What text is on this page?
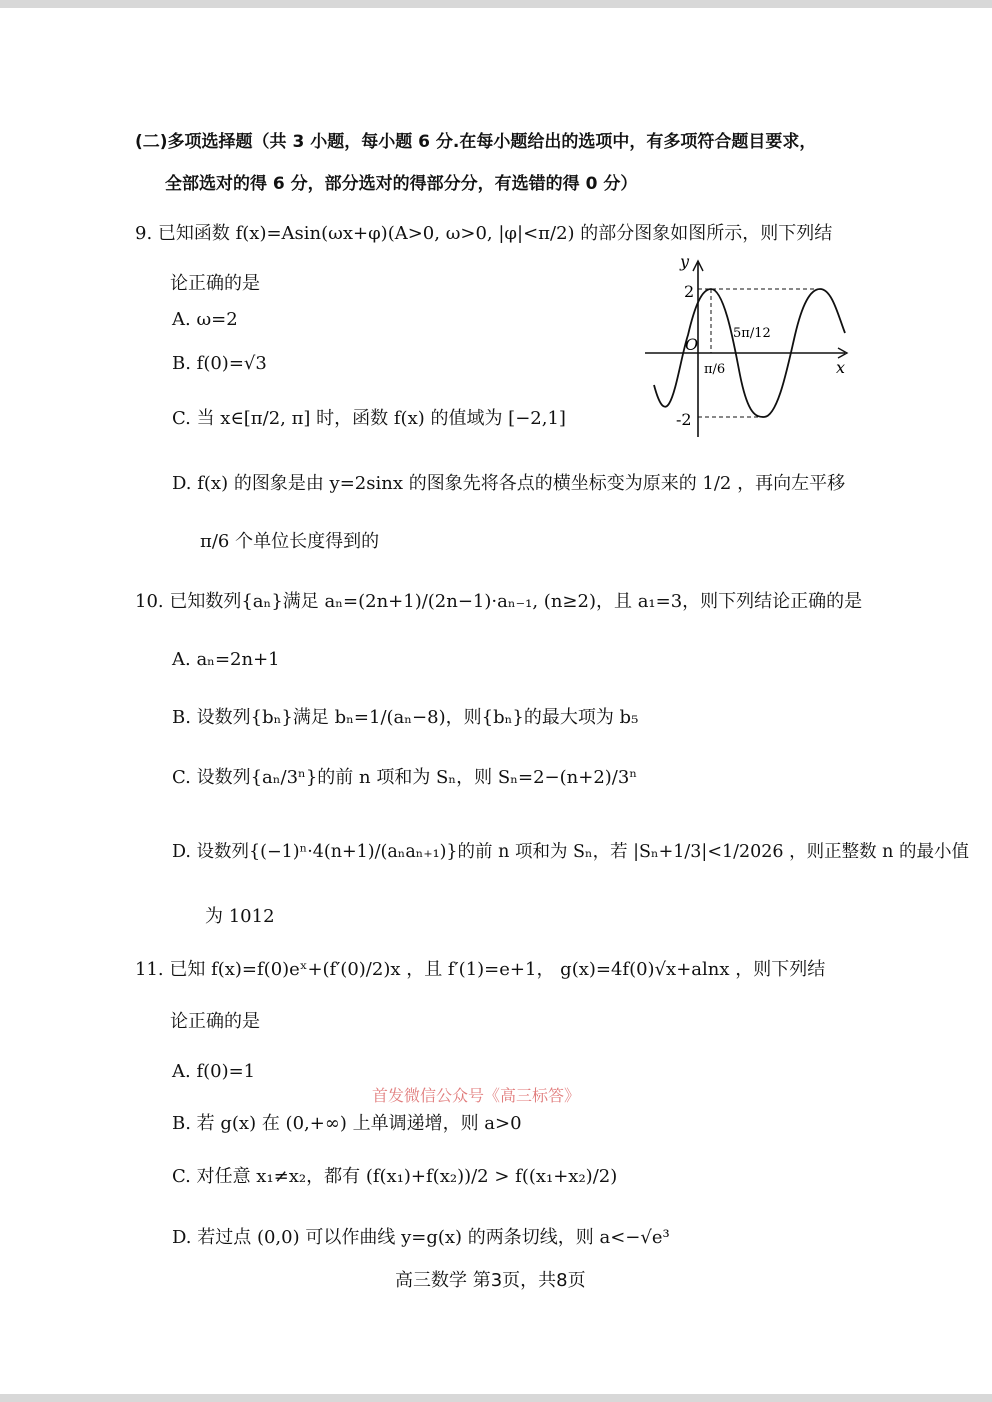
(二)多项选择题（共 3 小题，每小题 6 分.在每小题给出的选项中，有多项符合题目要求，
全部选对的得 6 分，部分选对的得部分分，有选错的得 0 分）
9. 已知函数 f(x)=Asin(ωx+φ)(A>0, ω>0, |φ|<π/2) 的部分图象如图所示，则下列结
论正确的是
A. ω=2
B. f(0)=√3
C. 当 x∈[π/2, π] 时，函数 f(x) 的值域为 [−2,1]
D. f(x) 的图象是由 y=2sinx 的图象先将各点的横坐标变为原来的 1/2 ，再向左平移
π/6 个单位长度得到的
y
x
2
-2
O
π/6
5π/12
10. 已知数列{aₙ}满足 aₙ=(2n+1)/(2n−1)·aₙ₋₁, (n≥2)，且 a₁=3，则下列结论正确的是
A. aₙ=2n+1
B. 设数列{bₙ}满足 bₙ=1/(aₙ−8)，则{bₙ}的最大项为 b₅
C. 设数列{aₙ/3ⁿ}的前 n 项和为 Sₙ，则 Sₙ=2−(n+2)/3ⁿ
D. 设数列{(−1)ⁿ·4(n+1)/(aₙaₙ₊₁)}的前 n 项和为 Sₙ，若 |Sₙ+1/3|<1/2026 ，则正整数 n 的最小值
为 1012
11. 已知 f(x)=f(0)eˣ+(f′(0)/2)x ，且 f′(1)=e+1， g(x)=4f(0)√x+alnx ，则下列结
论正确的是
A. f(0)=1
首发微信公众号《高三标答》
B. 若 g(x) 在 (0,+∞) 上单调递增，则 a>0
C. 对任意 x₁≠x₂，都有 (f(x₁)+f(x₂))/2 > f((x₁+x₂)/2)
D. 若过点 (0,0) 可以作曲线 y=g(x) 的两条切线，则 a<−√e³
高三数学 第3页，共8页
